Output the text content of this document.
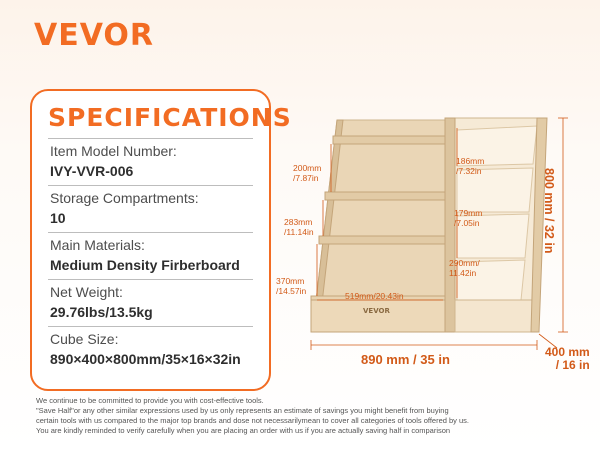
VEVOR
SPECIFICATIONS
Item Model Number:
IVY-VVR-006
Storage Compartments:
10
Main Materials:
Medium Density Firberboard
Net Weight:
29.76lbs/13.5kg
Cube Size:
890×400×800mm/35×16×32in
VEVOR
200mm
/7.87in
283mm
/11.14in
370mm
/14.57in
186mm
/7.32in
179mm
/7.05in
290mm/
11.42in
519mm/20.43in
890 mm / 35 in	400 mm
/ 16 in
800 mm / 32 in
We continue to be committed to provide you with cost-effective tools.
"Save Half"or any other similar expressions used by us only represents an estimate of savings you might benefit from buying
certain tools with us compared to the major top brands and dose not necessarilymean to cover all categories of tools offered by us.
You are kindly reminded to verify carefully when you are placing an order with us if you are actually saving half in comparison
